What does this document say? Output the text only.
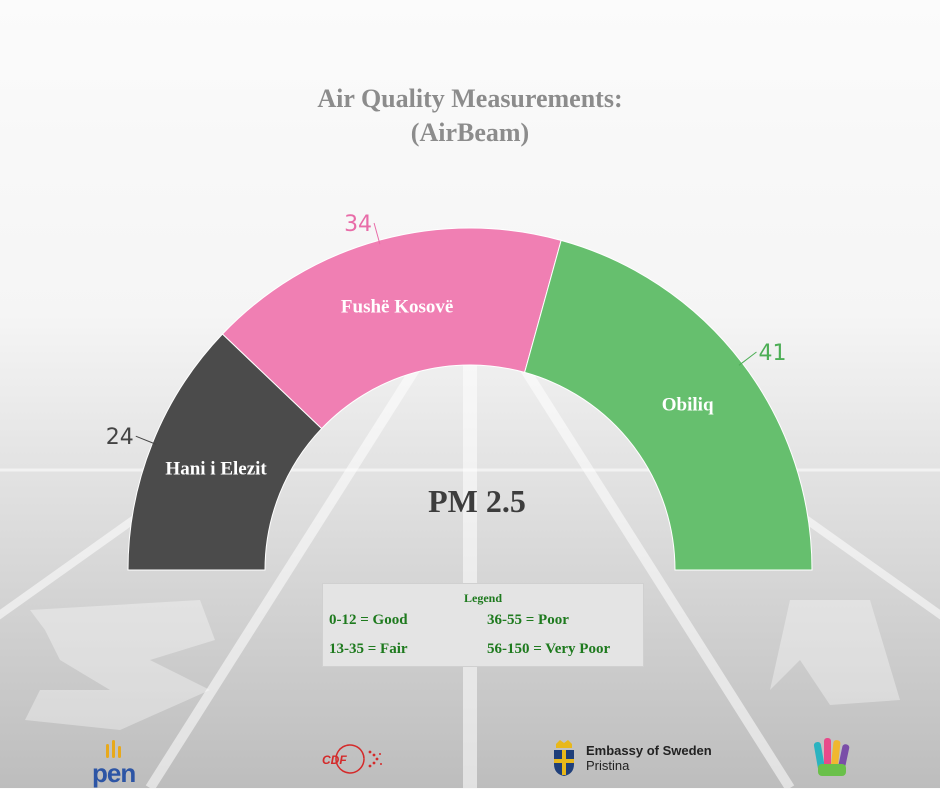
Air Quality Measurements:
(AirBeam)
Hani i Elezit
24
Fushë Kosovë
34
Obiliq
41
PM 2.5
Legend
0-12 = Good	36-55 = Poor
13-35 = Fair	56-150 = Very Poor
pen	CDF
Embassy of Sweden
Pristina
